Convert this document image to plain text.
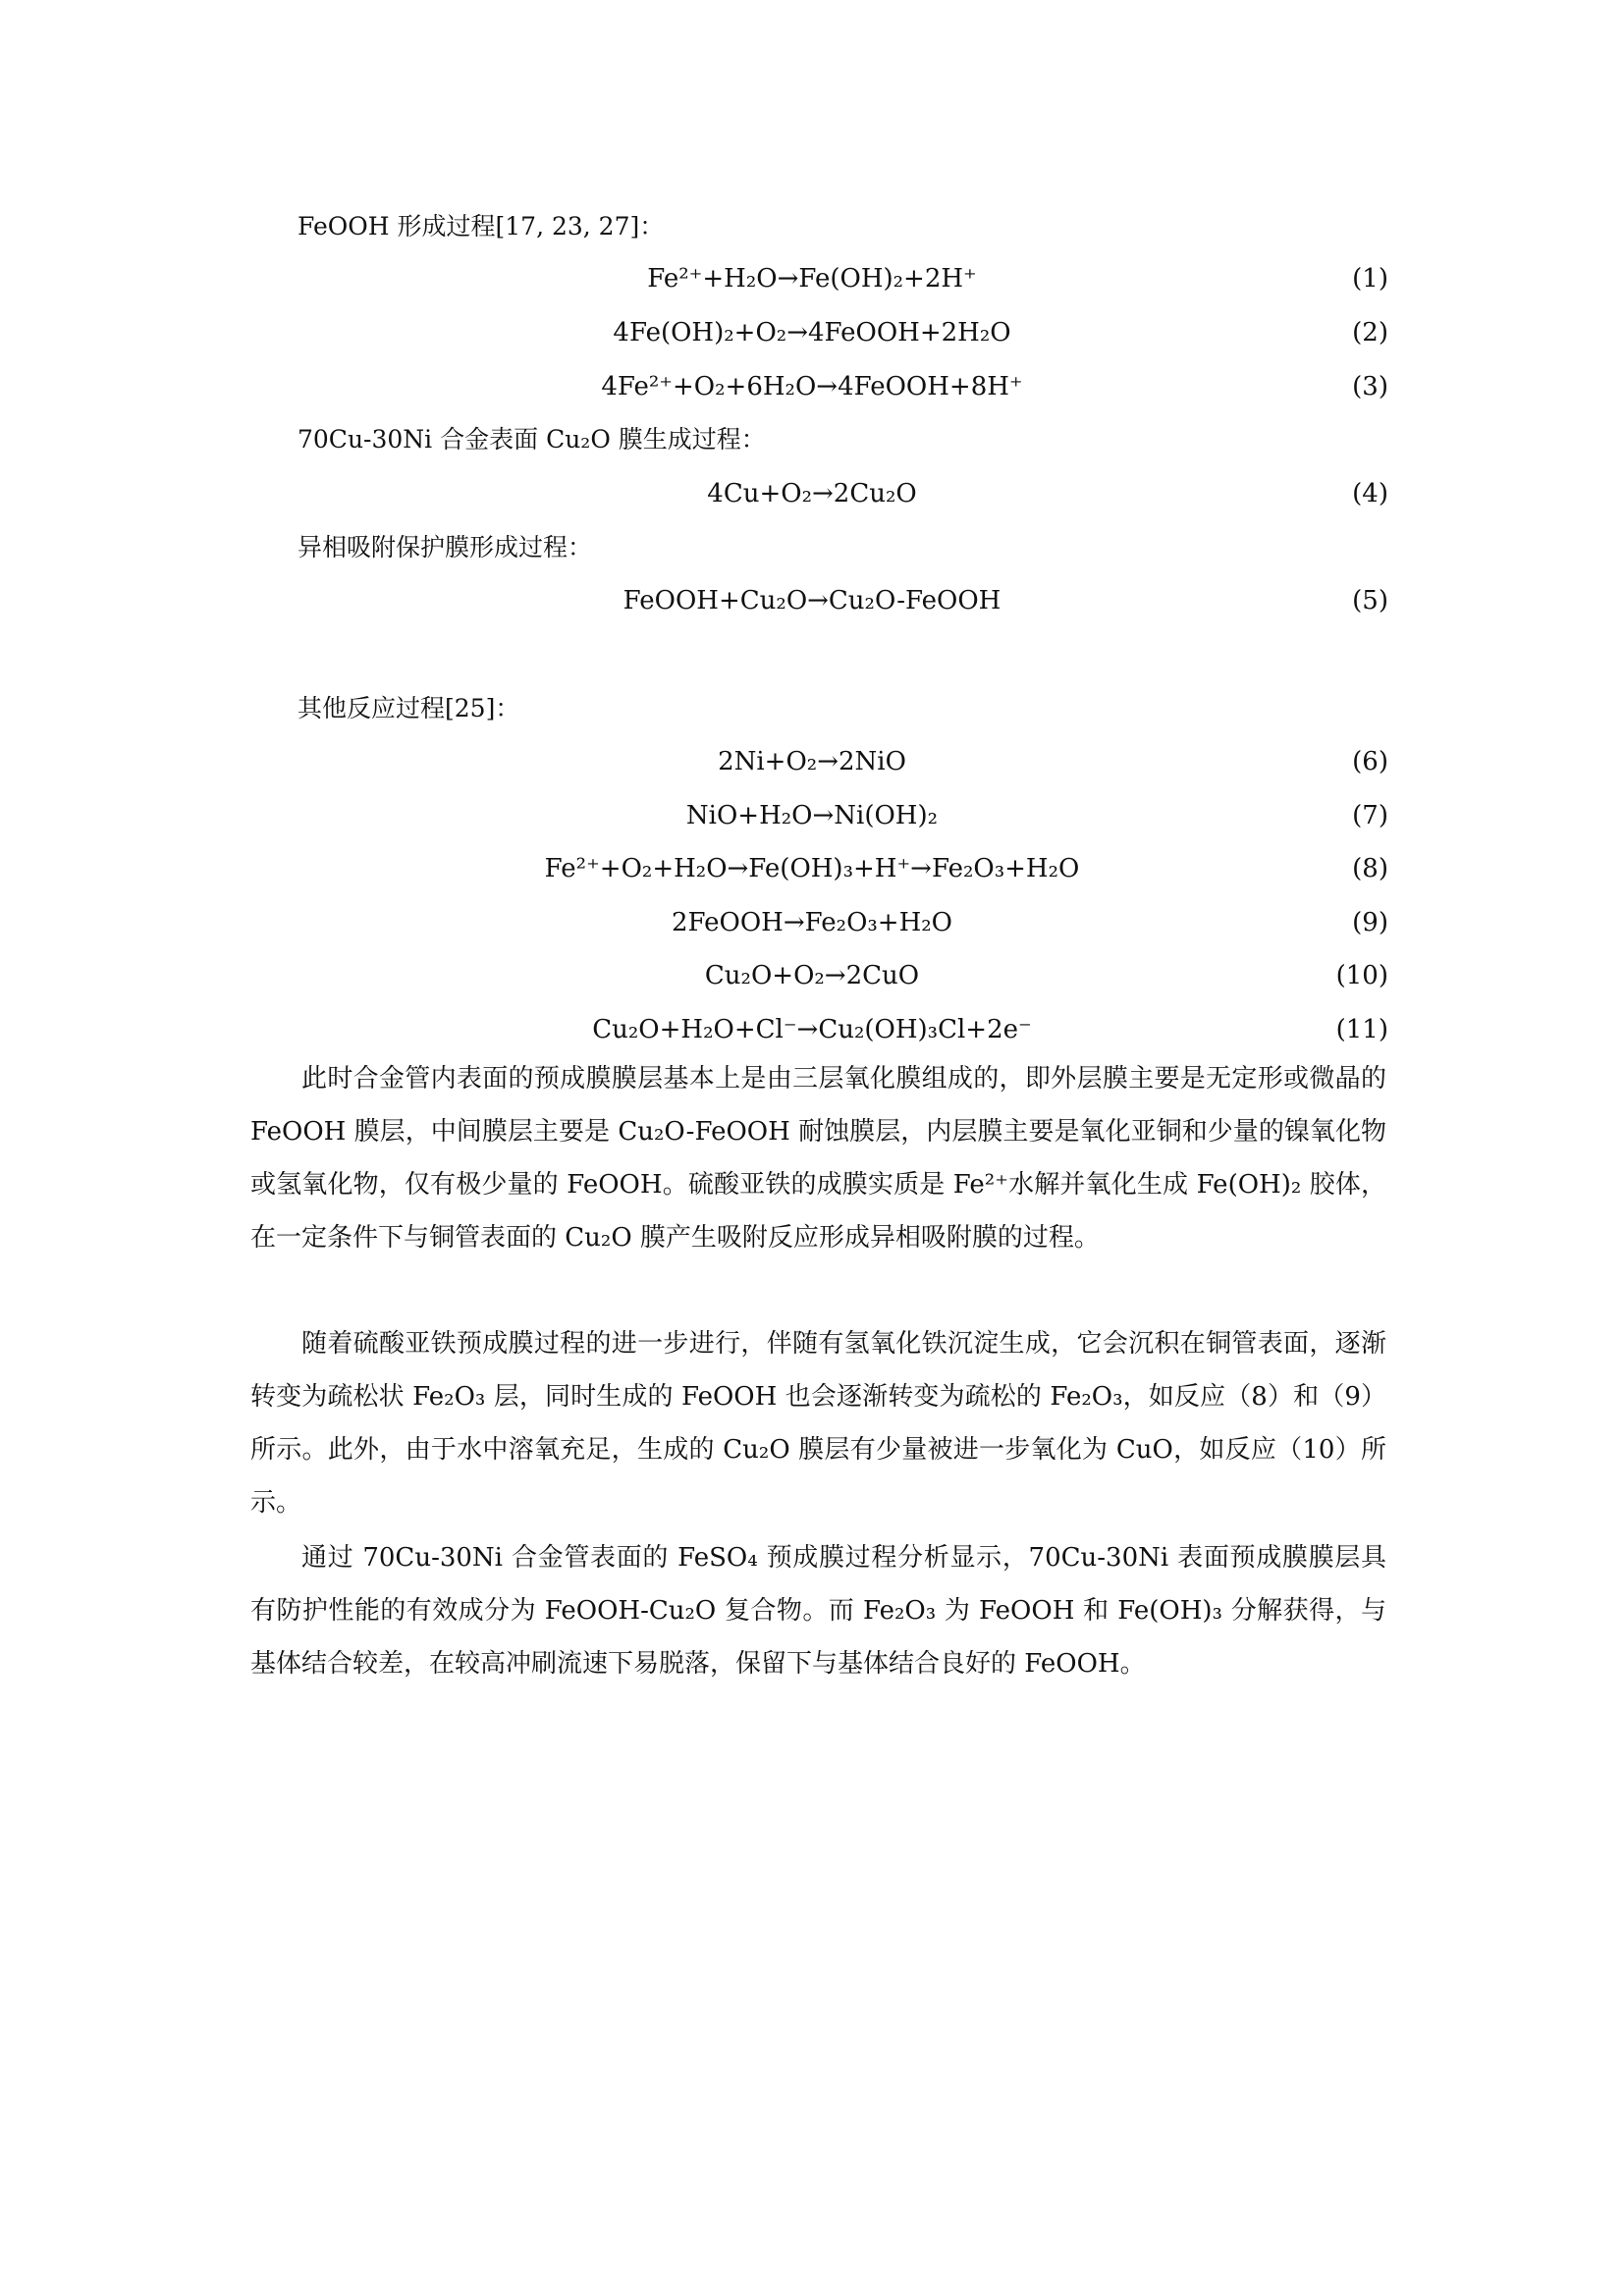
FeOOH 形成过程[17, 23, 27]：
Fe²⁺+H₂O→Fe(OH)₂+2H⁺	(1)
4Fe(OH)₂+O₂→4FeOOH+2H₂O	(2)
4Fe²⁺+O₂+6H₂O→4FeOOH+8H⁺	(3)
70Cu-30Ni 合金表面 Cu₂O 膜生成过程：
4Cu+O₂→2Cu₂O	(4)
异相吸附保护膜形成过程：
FeOOH+Cu₂O→Cu₂O-FeOOH	(5)
其他反应过程[25]：
2Ni+O₂→2NiO	(6)
NiO+H₂O→Ni(OH)₂	(7)
Fe²⁺+O₂+H₂O→Fe(OH)₃+H⁺→Fe₂O₃+H₂O	(8)
2FeOOH→Fe₂O₃+H₂O	(9)
Cu₂O+O₂→2CuO	(10)
Cu₂O+H₂O+Cl⁻→Cu₂(OH)₃Cl+2e⁻	(11)

此时合金管内表面的预成膜膜层基本上是由三层氧化膜组成的，即外层膜主要是无定形或微晶的 FeOOH 膜层，中间膜层主要是 Cu₂O-FeOOH 耐蚀膜层，内层膜主要是氧化亚铜和少量的镍氧化物或氢氧化物，仅有极少量的 FeOOH。硫酸亚铁的成膜实质是 Fe²⁺水解并氧化生成 Fe(OH)₂ 胶体，在一定条件下与铜管表面的 Cu₂O 膜产生吸附反应形成异相吸附膜的过程。

随着硫酸亚铁预成膜过程的进一步进行，伴随有氢氧化铁沉淀生成，它会沉积在铜管表面，逐渐转变为疏松状 Fe₂O₃ 层，同时生成的 FeOOH 也会逐渐转变为疏松的 Fe₂O₃，如反应（8）和（9）所示。此外，由于水中溶氧充足，生成的 Cu₂O 膜层有少量被进一步氧化为 CuO，如反应（10）所示。

通过 70Cu-30Ni 合金管表面的 FeSO₄ 预成膜过程分析显示，70Cu-30Ni 表面预成膜膜层具有防护性能的有效成分为 FeOOH-Cu₂O 复合物。而 Fe₂O₃ 为 FeOOH 和 Fe(OH)₃ 分解获得，与基体结合较差，在较高冲刷流速下易脱落，保留下与基体结合良好的 FeOOH。
